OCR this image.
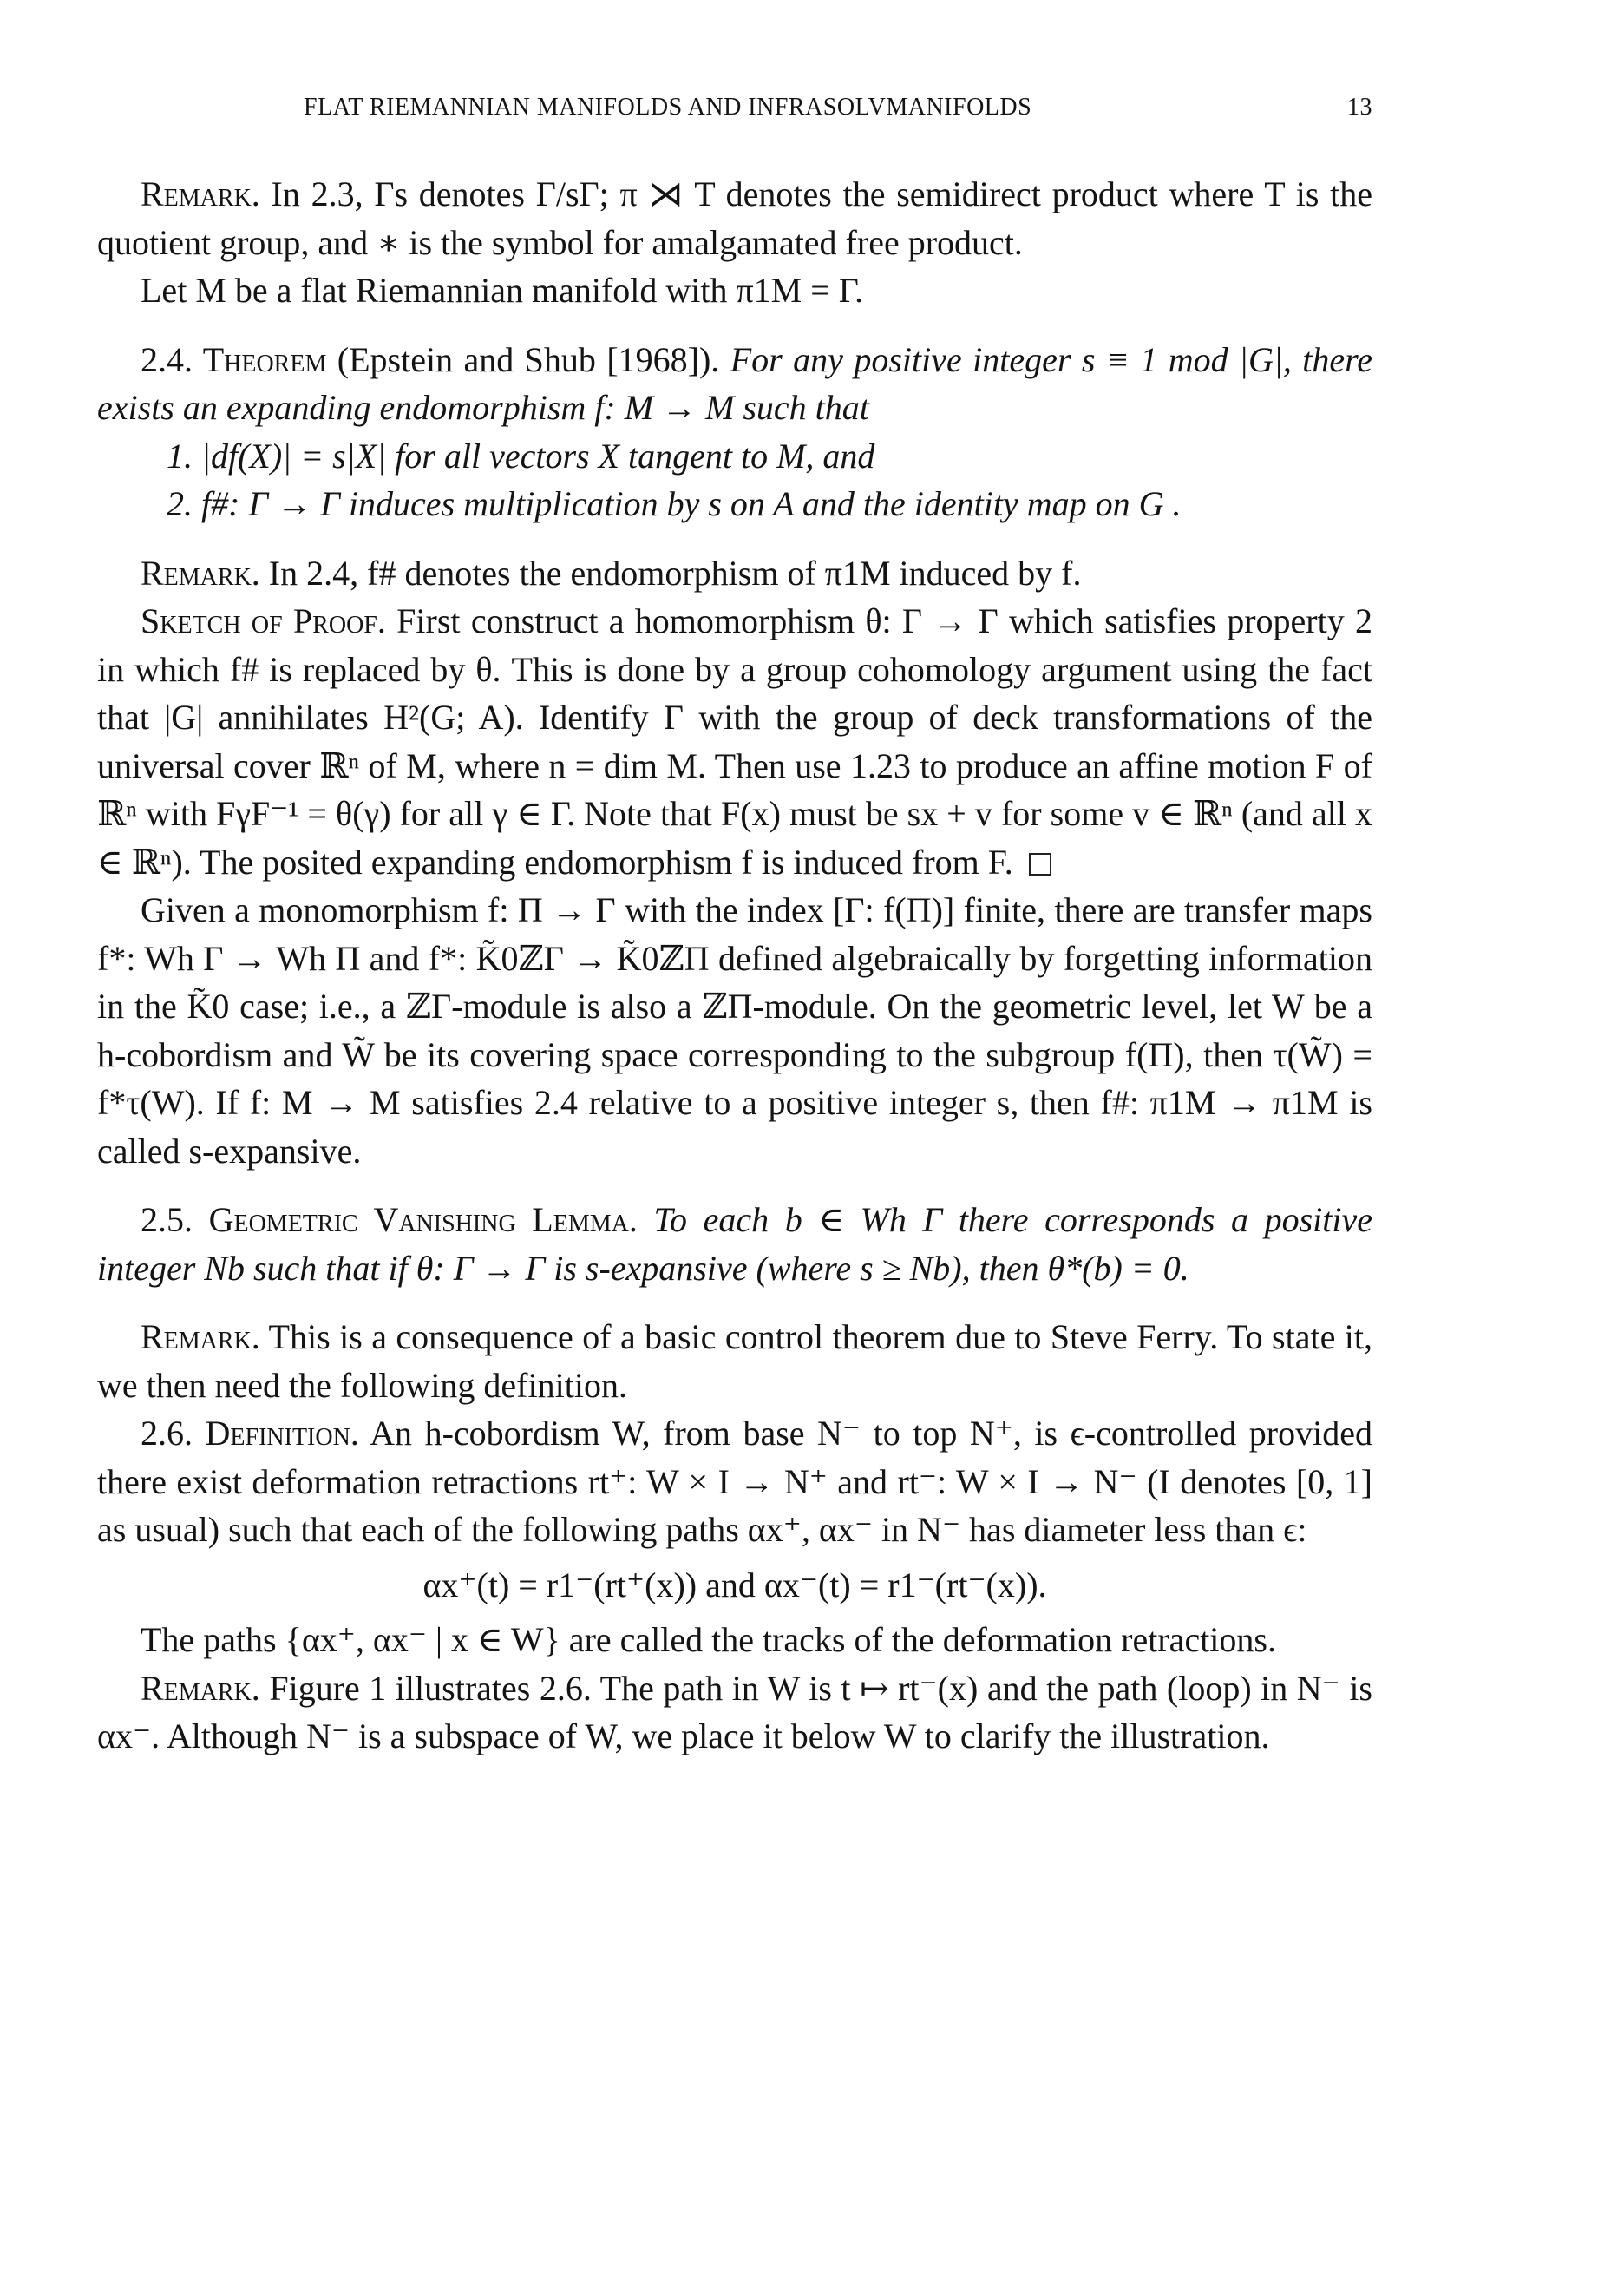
FLAT RIEMANNIAN MANIFOLDS AND INFRASOLVMANIFOLDS	13

Remark. In 2.3, Γs denotes Γ/sΓ; π ⋊ T denotes the semidirect product where T is the quotient group, and ∗ is the symbol for amalgamated free product.

Let M be a flat Riemannian manifold with π1M = Γ.

2.4. Theorem (Epstein and Shub [1968]). For any positive integer s ≡ 1 mod |G|, there exists an expanding endomorphism f: M → M such that

1. |df(X)| = s|X| for all vectors X tangent to M, and

2. f#: Γ → Γ induces multiplication by s on A and the identity map on G .

Remark. In 2.4, f# denotes the endomorphism of π1M induced by f.

Sketch of Proof. First construct a homomorphism θ: Γ → Γ which satisfies property 2 in which f# is replaced by θ. This is done by a group cohomology argument using the fact that |G| annihilates H²(G; A). Identify Γ with the group of deck transformations of the universal cover ℝⁿ of M, where n = dim M. Then use 1.23 to produce an affine motion F of ℝⁿ with FγF⁻¹ = θ(γ) for all γ ∈ Γ. Note that F(x) must be sx + v for some v ∈ ℝⁿ (and all x ∈ ℝⁿ). The posited expanding endomorphism f is induced from F.

Given a monomorphism f: Π → Γ with the index [Γ: f(Π)] finite, there are transfer maps f*: Wh Γ → Wh Π and f*: K̃0ℤΓ → K̃0ℤΠ defined algebraically by forgetting information in the K̃0 case; i.e., a ℤΓ-module is also a ℤΠ-module. On the geometric level, let W be a h-cobordism and W̃ be its covering space corresponding to the subgroup f(Π), then τ(W̃) = f*τ(W). If f: M → M satisfies 2.4 relative to a positive integer s, then f#: π1M → π1M is called s-expansive.

2.5. Geometric Vanishing Lemma. To each b ∈ Wh Γ there corresponds a positive integer Nb such that if θ: Γ → Γ is s-expansive (where s ≥ Nb), then θ*(b) = 0.

Remark. This is a consequence of a basic control theorem due to Steve Ferry. To state it, we then need the following definition.

2.6. Definition. An h-cobordism W, from base N⁻ to top N⁺, is ϵ-controlled provided there exist deformation retractions rt⁺: W × I → N⁺ and rt⁻: W × I → N⁻ (I denotes [0, 1] as usual) such that each of the following paths αx⁺, αx⁻ in N⁻ has diameter less than ϵ:

αx⁺(t) = r1⁻(rt⁺(x)) and αx⁻(t) = r1⁻(rt⁻(x)).

The paths {αx⁺, αx⁻ | x ∈ W} are called the tracks of the deformation retractions.

Remark. Figure 1 illustrates 2.6. The path in W is t ↦ rt⁻(x) and the path (loop) in N⁻ is αx⁻. Although N⁻ is a subspace of W, we place it below W to clarify the illustration.
